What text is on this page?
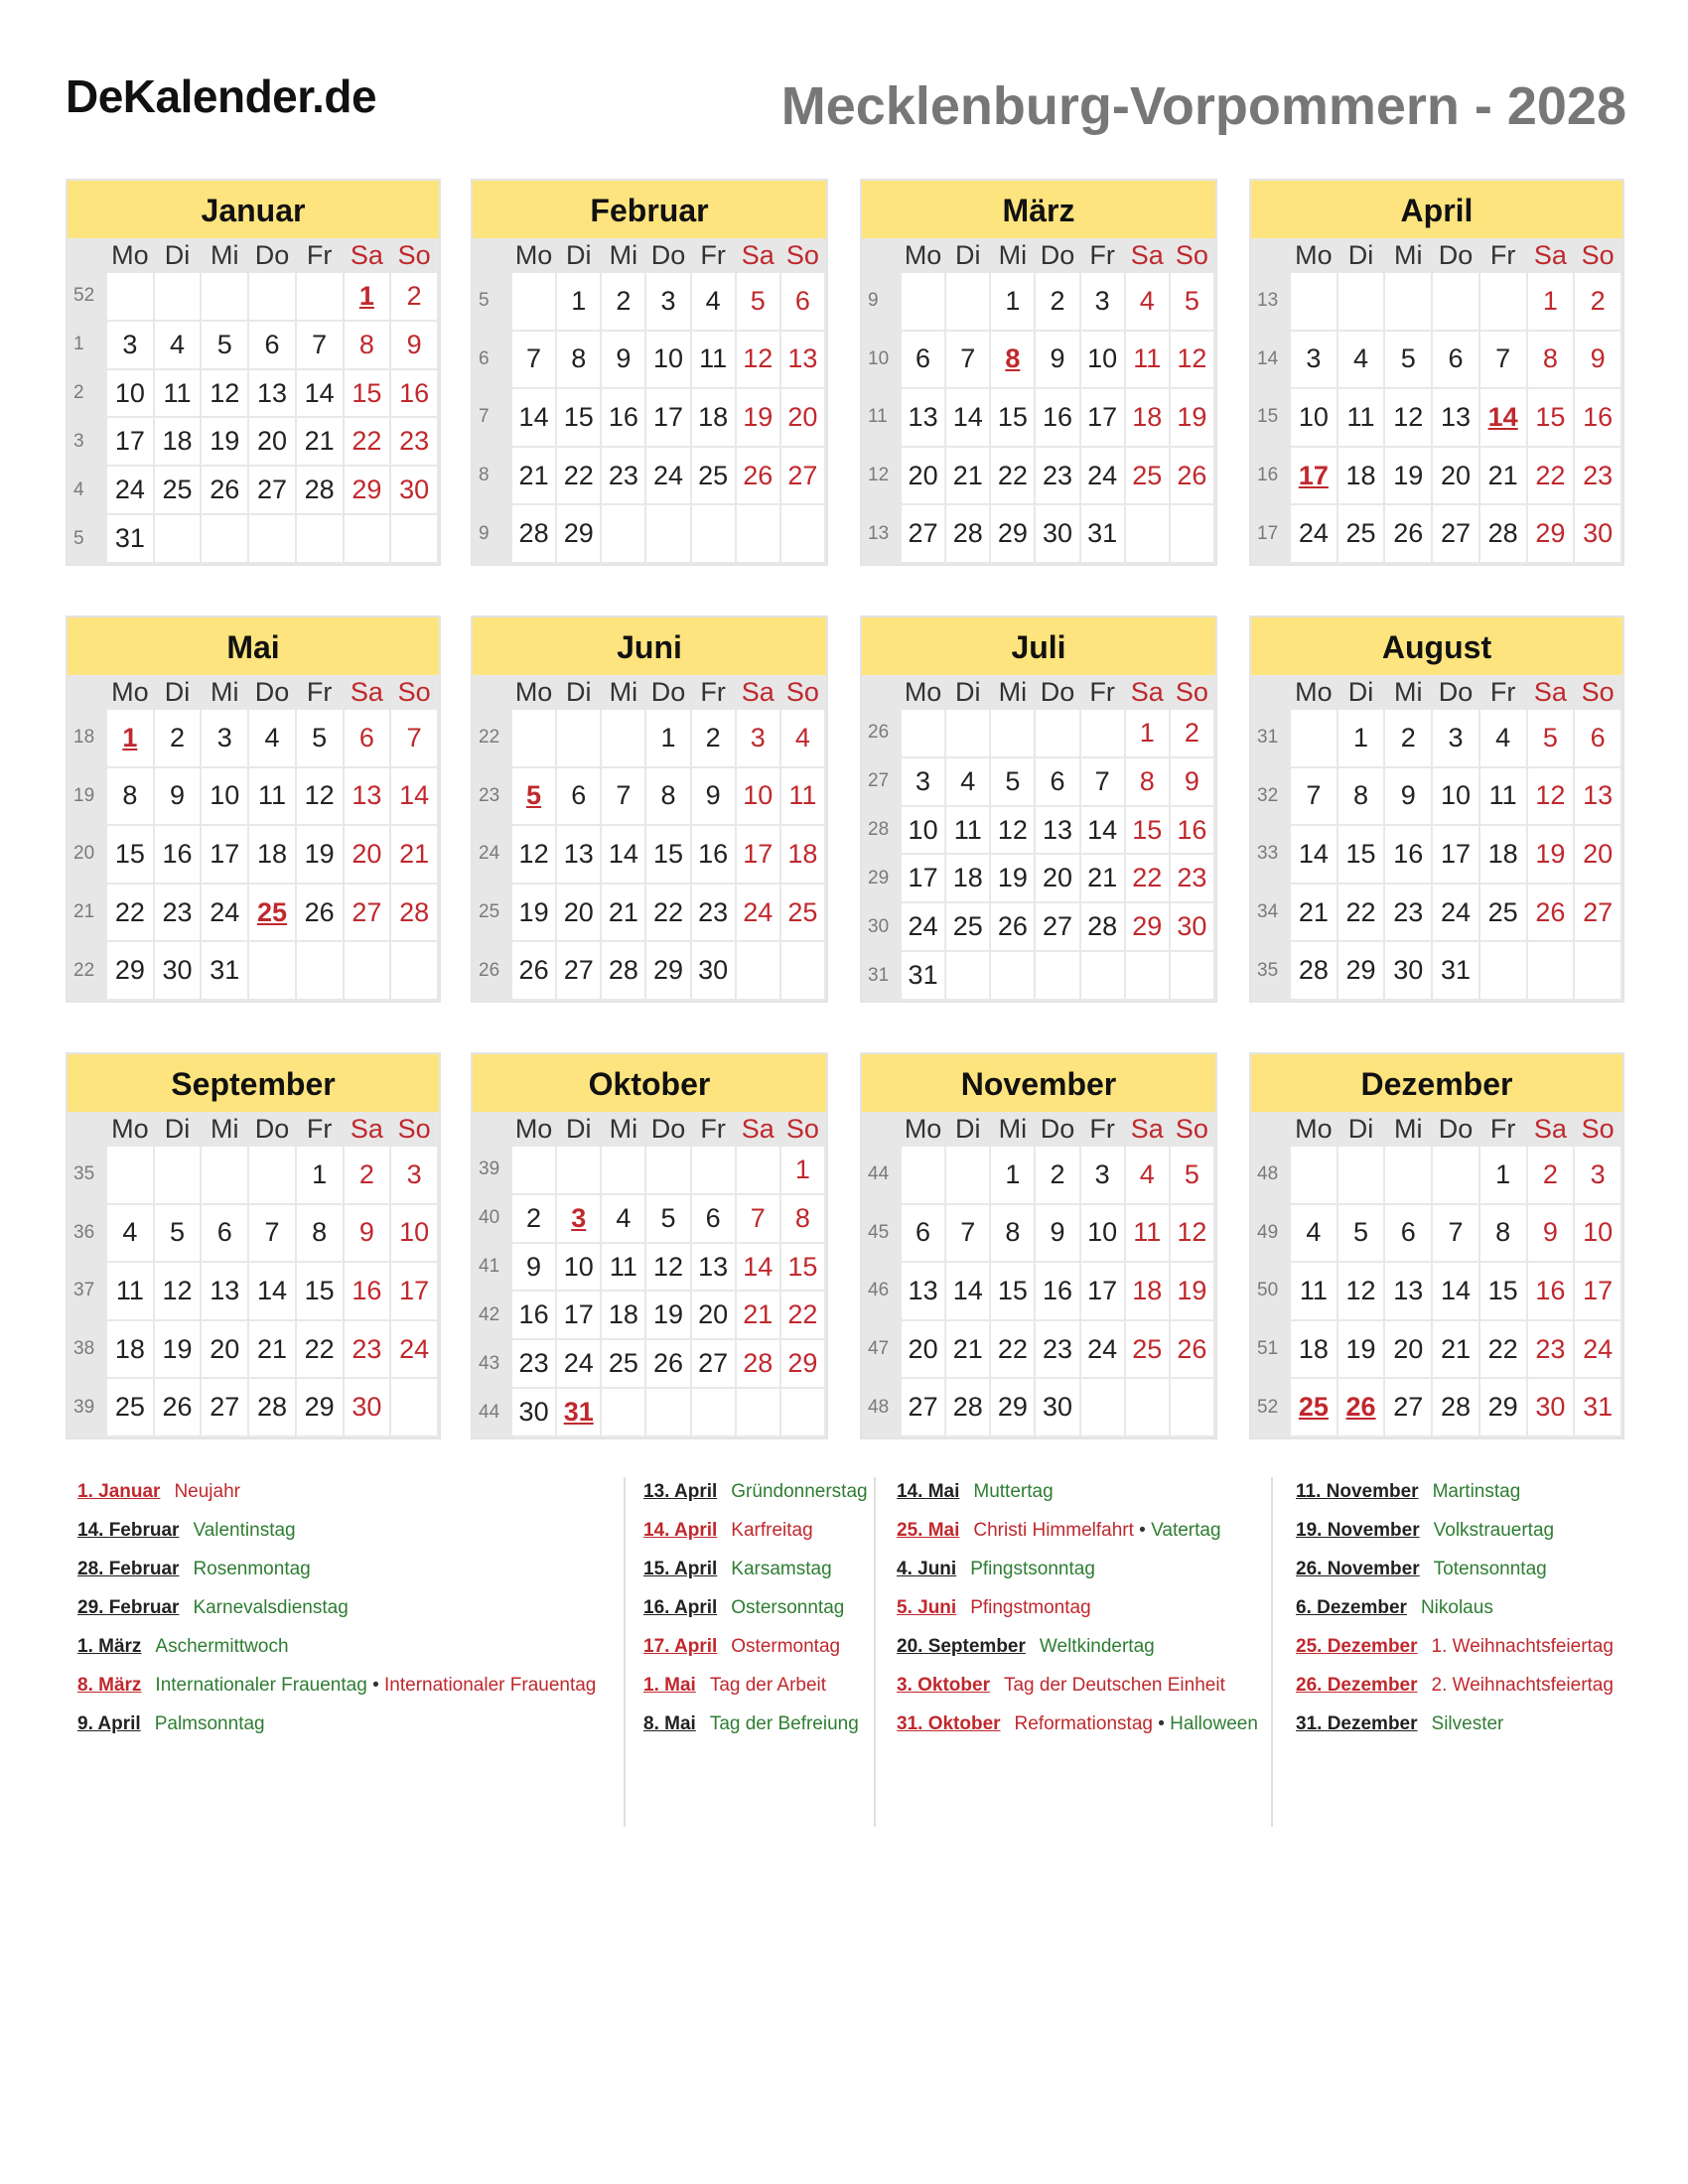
DeKalender.de	Mecklenburg-Vorpommern - 2028
Januar
	Mo	Di	Mi	Do	Fr	Sa	So
52						1	2
1	3	4	5	6	7	8	9
2	10	11	12	13	14	15	16
3	17	18	19	20	21	22	23
4	24	25	26	27	28	29	30
5	31						
Februar
	Mo	Di	Mi	Do	Fr	Sa	So
5		1	2	3	4	5	6
6	7	8	9	10	11	12	13
7	14	15	16	17	18	19	20
8	21	22	23	24	25	26	27
9	28	29					
März
	Mo	Di	Mi	Do	Fr	Sa	So
9			1	2	3	4	5
10	6	7	8	9	10	11	12
11	13	14	15	16	17	18	19
12	20	21	22	23	24	25	26
13	27	28	29	30	31		
April
	Mo	Di	Mi	Do	Fr	Sa	So
13						1	2
14	3	4	5	6	7	8	9
15	10	11	12	13	14	15	16
16	17	18	19	20	21	22	23
17	24	25	26	27	28	29	30
Mai
	Mo	Di	Mi	Do	Fr	Sa	So
18	1	2	3	4	5	6	7
19	8	9	10	11	12	13	14
20	15	16	17	18	19	20	21
21	22	23	24	25	26	27	28
22	29	30	31				
Juni
	Mo	Di	Mi	Do	Fr	Sa	So
22				1	2	3	4
23	5	6	7	8	9	10	11
24	12	13	14	15	16	17	18
25	19	20	21	22	23	24	25
26	26	27	28	29	30		
Juli
	Mo	Di	Mi	Do	Fr	Sa	So
26						1	2
27	3	4	5	6	7	8	9
28	10	11	12	13	14	15	16
29	17	18	19	20	21	22	23
30	24	25	26	27	28	29	30
31	31						
August
	Mo	Di	Mi	Do	Fr	Sa	So
31		1	2	3	4	5	6
32	7	8	9	10	11	12	13
33	14	15	16	17	18	19	20
34	21	22	23	24	25	26	27
35	28	29	30	31			
September
	Mo	Di	Mi	Do	Fr	Sa	So
35					1	2	3
36	4	5	6	7	8	9	10
37	11	12	13	14	15	16	17
38	18	19	20	21	22	23	24
39	25	26	27	28	29	30	
Oktober
	Mo	Di	Mi	Do	Fr	Sa	So
39							1
40	2	3	4	5	6	7	8
41	9	10	11	12	13	14	15
42	16	17	18	19	20	21	22
43	23	24	25	26	27	28	29
44	30	31					
November
	Mo	Di	Mi	Do	Fr	Sa	So
44			1	2	3	4	5
45	6	7	8	9	10	11	12
46	13	14	15	16	17	18	19
47	20	21	22	23	24	25	26
48	27	28	29	30			
Dezember
	Mo	Di	Mi	Do	Fr	Sa	So
48					1	2	3
49	4	5	6	7	8	9	10
50	11	12	13	14	15	16	17
51	18	19	20	21	22	23	24
52	25	26	27	28	29	30	31
1. Januar Neujahr
14. Februar Valentinstag
28. Februar Rosenmontag
29. Februar Karnevalsdienstag
1. März Aschermittwoch
8. März Internationaler Frauentag • Internationaler Frauentag
9. April Palmsonntag
13. April Gründonnerstag
14. April Karfreitag
15. April Karsamstag
16. April Ostersonntag
17. April Ostermontag
1. Mai Tag der Arbeit
8. Mai Tag der Befreiung
14. Mai Muttertag
25. Mai Christi Himmelfahrt • Vatertag
4. Juni Pfingstsonntag
5. Juni Pfingstmontag
20. September Weltkindertag
3. Oktober Tag der Deutschen Einheit
31. Oktober Reformationstag • Halloween
11. November Martinstag
19. November Volkstrauertag
26. November Totensonntag
6. Dezember Nikolaus
25. Dezember 1. Weihnachtsfeiertag
26. Dezember 2. Weihnachtsfeiertag
31. Dezember Silvester
